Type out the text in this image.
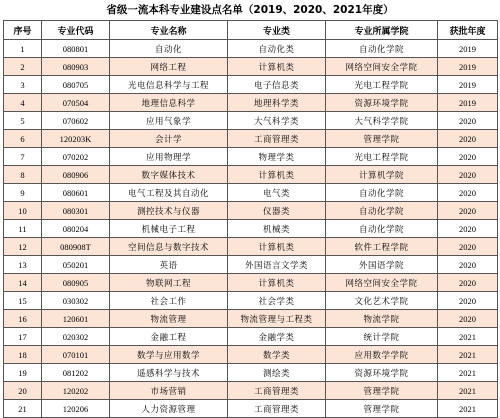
省级一流本科专业建设点名单（2019、2020、2021年度）
序号	专业代码	专业名称	专业类	专业所属学院	获批年度
1	080801	自动化	自动化类	自动化学院	2019
2	080903	网络工程	计算机类	网络空间安全学院	2019
3	080705	光电信息科学与工程	电子信息类	光电工程学院	2019
4	070504	地理信息科学	地理科学类	资源环境学院	2019
5	070602	应用气象学	大气科学类	大气科学学院	2020
6	120203K	会计学	工商管理类	管理学院	2020
7	070202	应用物理学	物理学类	光电工程学院	2020
8	080906	数字媒体技术	计算机类	计算机学院	2020
9	080601	电气工程及其自动化	电气类	自动化学院	2020
10	080301	测控技术与仪器	仪器类	自动化学院	2020
11	080204	机械电子工程	机械类	自动化学院	2020
12	080908T	空间信息与数字技术	计算机类	软件工程学院	2020
13	050201	英语	外国语言文学类	外国语学院	2020
14	080905	物联网工程	计算机类	网络空间安全学院	2020
15	030302	社会工作	社会学类	文化艺术学院	2020
16	120601	物流管理	物流管理与工程类	物流学院	2020
17	020302	金融工程	金融学类	统计学院	2021
18	070101	数学与应用数学	数学类	应用数学学院	2021
19	081202	遥感科学与技术	测绘类	资源环境学院	2021
20	120202	市场营销	工商管理类	管理学院	2021
21	120206	人力资源管理	工商管理类	管理学院	2021
